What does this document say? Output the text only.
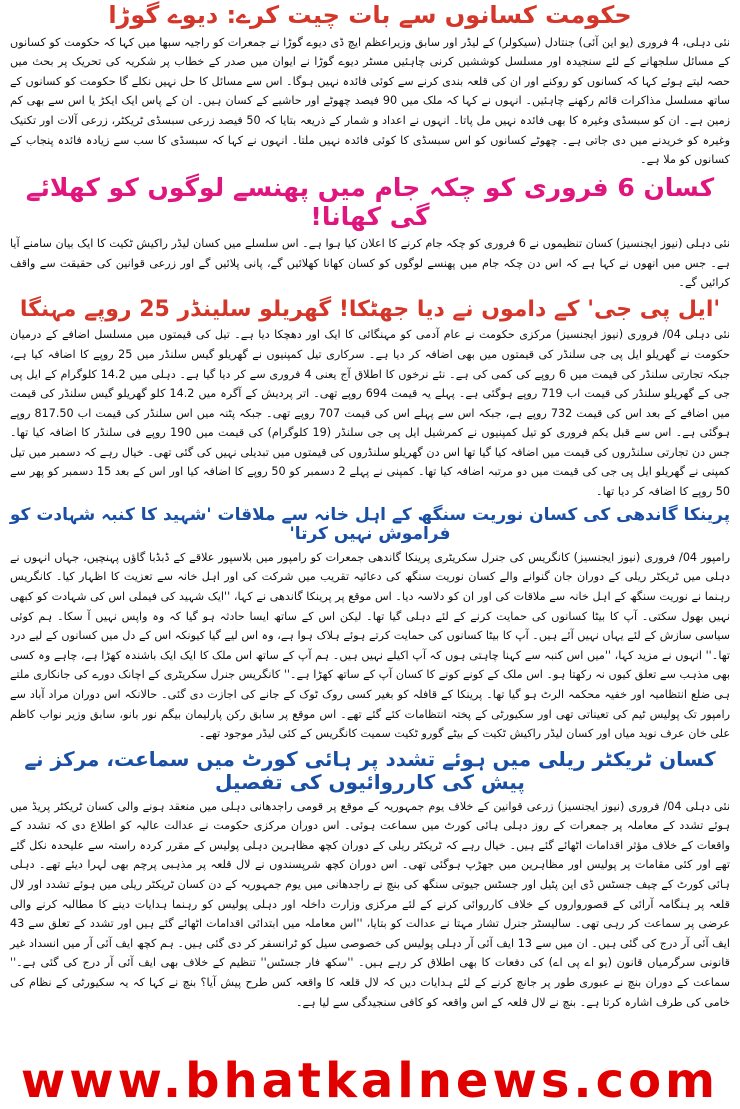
حکومت کسانوں سے بات چیت کرے: دیوے گوڑا

نئی دہلی، 4 فروری (یو این آئی) جنتادل (سیکولر) کے لیڈر اور سابق وزیراعظم ایچ ڈی دیوے گوڑا نے جمعرات کو راجیہ سبھا میں کہا کہ حکومت کو کسانوں کے مسائل سلجھانے کے لئے سنجیدہ اور مسلسل کوششیں کرنی چاہئیں مسٹر دیوے گوڑا نے ایوان میں صدر کے خطاب پر شکریہ کی تحریک پر بحث میں حصہ لیتے ہوئے کہا کہ کسانوں کو روکنے اور ان کی قلعہ بندی کرنے سے کوئی فائدہ نہیں ہوگا۔ اس سے مسائل کا حل نہیں نکلے گا حکومت کو کسانوں کے ساتھ مسلسل مذاکرات قائم رکھنے چاہئیں۔ انہوں نے کہا کہ ملک میں 90 فیصد چھوٹے اور حاشیے کے کسان ہیں۔ ان کے پاس ایک ایکڑ یا اس سے بھی کم زمین ہے۔ ان کو سبسڈی وغیرہ کا بھی فائدہ نہیں مل پاتا۔ انہوں نے اعداد و شمار کے ذریعہ بتایا کہ 50 فیصد زرعی سبسڈی ٹریکٹر، زرعی آلات اور تکنیک وغیرہ کو خریدنے میں دی جاتی ہے۔ چھوٹے کسانوں کو اس سبسڈی کا کوئی فائدہ نہیں ملتا۔ انہوں نے کہا کہ سبسڈی کا سب سے زیادہ فائدہ پنجاب کے کسانوں کو ملا ہے۔

کسان 6 فروری کو چکہ جام میں پھنسے لوگوں کو کھلائے گی کھانا!

نئی دہلی (نیوز ایجنسیز) کسان تنظیموں نے 6 فروری کو چکہ جام کرنے کا اعلان کیا ہوا ہے۔ اس سلسلے میں کسان لیڈر راکیش ٹکیت کا ایک بیان سامنے آیا ہے۔ جس میں انھوں نے کہا ہے کہ اس دن چکہ جام میں پھنسے لوگوں کو کسان کھانا کھلائیں گے، پانی پلائیں گے اور زرعی قوانین کی حقیقت سے واقف کرائیں گے۔

'ایل پی جی' کے داموں نے دیا جھٹکا! گھریلو سلینڈر 25 روپے مہنگا

نئی دہلی 04/ فروری (نیوز ایجنسیز) مرکزی حکومت نے عام آدمی کو مہنگائی کا ایک اور دھچکا دیا ہے۔ تیل کی قیمتوں میں مسلسل اضافے کے درمیان حکومت نے گھریلو ایل پی جی سلنڈر کی قیمتوں میں بھی اضافہ کر دیا ہے۔ سرکاری تیل کمپنیوں نے گھریلو گیس سلنڈر میں 25 روپے کا اضافہ کیا ہے، جبکہ تجارتی سلنڈر کی قیمت میں 6 روپے کی کمی کی ہے۔ نئے نرخوں کا اطلاق آج یعنی 4 فروری سے کر دیا گیا ہے۔ دہلی میں 14.2 کلوگرام کے ایل پی جی کے گھریلو سلنڈر کی قیمت اب 719 روپے ہوگئی ہے۔ پہلے یہ قیمت 694 روپے تھی۔ اتر پردیش کے آگرہ میں 14.2 کلو گھریلو گیس سلنڈر کی قیمت میں اضافے کے بعد اس کی قیمت 732 روپے ہے، جبکہ اس سے پہلے اس کی قیمت 707 روپے تھی۔ جبکہ پٹنہ میں اس سلنڈر کی قیمت اب 817.50 روپے ہوگئی ہے۔ اس سے قبل یکم فروری کو تیل کمپنیوں نے کمرشیل ایل پی جی سلنڈر (19 کلوگرام) کی قیمت میں 190 روپے فی سلنڈر کا اضافہ کیا تھا۔ جس دن تجارتی سلنڈروں کی قیمت میں اضافہ کیا گیا تھا اس دن گھریلو سلنڈروں کی قیمتوں میں تبدیلی نہیں کی گئی تھی۔ خیال رہے کہ دسمبر میں تیل کمپنی نے گھریلو ایل پی جی کی قیمت میں دو مرتبہ اضافہ کیا تھا۔ کمپنی نے پہلے 2 دسمبر کو 50 روپے کا اضافہ کیا اور اس کے بعد 15 دسمبر کو پھر سے 50 روپے کا اضافہ کر دیا تھا۔

پرینکا گاندھی کی کسان نوریت سنگھ کے اہل خانہ سے ملاقات 'شہید کا کنبہ شہادت کو فراموش نہیں کرتا'

رامپور 04/ فروری (نیوز ایجنسیز) کانگریس کی جنرل سکریٹری پرینکا گاندھی جمعرات کو رامپور میں بلاسپور علاقے کے ڈبڈبا گاؤں پہنچیں، جہاں انہوں نے دہلی میں ٹریکٹر ریلی کے دوران جان گنوانے والے کسان نوریت سنگھ کی دعائیہ تقریب میں شرکت کی اور اہل خانہ سے تعزیت کا اظہار کیا۔ کانگریس رہنما نے نوریت سنگھ کے اہل خانہ سے ملاقات کی اور ان کو دلاسہ دیا۔ اس موقع پر پرینکا گاندھی نے کہا، ''ایک شہید کی فیملی اس کی شہادت کو کبھی نہیں بھول سکتی۔ آپ کا بیٹا کسانوں کی حمایت کرنے کے لئے دہلی گیا تھا۔ لیکن اس کے ساتھ ایسا حادثہ ہو گیا کہ وہ واپس نہیں آ سکا۔ ہم کوئی سیاسی سازش کے لئے یہاں نہیں آئے ہیں۔ آپ کا بیٹا کسانوں کی حمایت کرتے ہوئے ہلاک ہوا ہے، وہ اس لیے گیا کیونکہ اس کے دل میں کسانوں کے لیے درد تھا۔'' انہوں نے مزید کہا، ''میں اس کنبہ سے کہنا چاہتی ہوں کہ آپ اکیلے نہیں ہیں۔ ہم آپ کے ساتھ اس ملک کا ایک ایک باشندہ کھڑا ہے، چاہے وہ کسی بھی مذہب سے تعلق کیوں نہ رکھتا ہو۔ اس ملک کے کونے کونے کا کسان آپ کے ساتھ کھڑا ہے۔'' کانگریس جنرل سکریٹری کے اچانک دورے کی جانکاری ملتے ہی ضلع انتظامیہ اور خفیہ محکمہ الرٹ ہو گیا تھا۔ پرینکا کے قافلہ کو بغیر کسی روک ٹوک کے جانے کی اجازت دی گئی۔ حالانکہ اس دوران مراد آباد سے رامپور تک پولیس ٹیم کی تعیناتی تھی اور سکیورٹی کے پختہ انتظامات کئے گئے تھے۔ اس موقع پر سابق رکن پارلیمان بیگم نور بانو، سابق وزیر نواب کاظم علی خان عرف نوید میاں اور کسان لیڈر راکیش ٹکیت کے بیٹے گورو ٹکیت سمیت کانگریس کے کئی لیڈر موجود تھے۔

کسان ٹریکٹر ریلی میں ہوئے تشدد پر ہائی کورٹ میں سماعت، مرکز نے پیش کی کارروائیوں کی تفصیل

نئی دہلی 04/ فروری (نیوز ایجنسیز) زرعی قوانین کے خلاف یوم جمہوریہ کے موقع پر قومی راجدھانی دہلی میں منعقد ہونے والی کسان ٹریکٹر پریڈ میں ہوئے تشدد کے معاملہ پر جمعرات کے روز دہلی ہائی کورٹ میں سماعت ہوئی۔ اس دوران مرکزی حکومت نے عدالت عالیہ کو اطلاع دی کہ تشدد کے واقعات کے خلاف مؤثر اقدامات اٹھائے گئے ہیں۔ خیال رہے کہ ٹریکٹر ریلی کے دوران کچھ مظاہرین دہلی پولیس کے مقرر کردہ راستہ سے علیحدہ نکل گئے تھے اور کئی مقامات پر پولیس اور مظاہرین میں جھڑپ ہوگئی تھی۔ اس دوران کچھ شرپسندوں نے لال قلعہ پر مذہبی پرچم بھی لہرا دیئے تھے۔ دہلی ہائی کورٹ کے چیف جسٹس ڈی این پٹیل اور جسٹس جیوتی سنگھ کی بنچ نے راجدھانی میں یوم جمہوریہ کے دن کسان ٹریکٹر ریلی میں ہوئے تشدد اور لال قلعہ پر ہنگامہ آرائی کے قصورواروں کے خلاف کارروائی کرنے کے لئے مرکزی وزارت داخلہ اور دہلی پولیس کو رہنما ہدایات دینے کا مطالبہ کرنے والی عرضی پر سماعت کر رہی تھی۔ سالیسٹر جنرل تشار مہتا نے عدالت کو بتایا، ''اس معاملہ میں ابتدائی اقدامات اٹھائے گئے ہیں اور تشدد کے تعلق سے 43 ایف آئی آر درج کی گئی ہیں۔ ان میں سے 13 ایف آئی آر دہلی پولیس کی خصوصی سیل کو ٹرانسفر کر دی گئی ہیں۔ ہم کچھ ایف آئی آر میں انسداد غیر قانونی سرگرمیاں قانون (یو اے پی اے) کی دفعات کا بھی اطلاق کر رہے ہیں۔ ''سکھ فار جسٹس'' تنظیم کے خلاف بھی ایف آئی آر درج کی گئی ہے۔'' سماعت کے دوران بنچ نے عبوری طور پر جانچ کرنے کے لئے ہدایات دیں کہ لال قلعہ کا واقعہ کس طرح پیش آیا؟ بنچ نے کہا کہ یہ سکیورٹی کے نظام کی خامی کی طرف اشارہ کرتا ہے۔ بنچ نے لال قلعہ کے اس واقعہ کو کافی سنجیدگی سے لیا ہے۔

www.bhatkalnews.com
